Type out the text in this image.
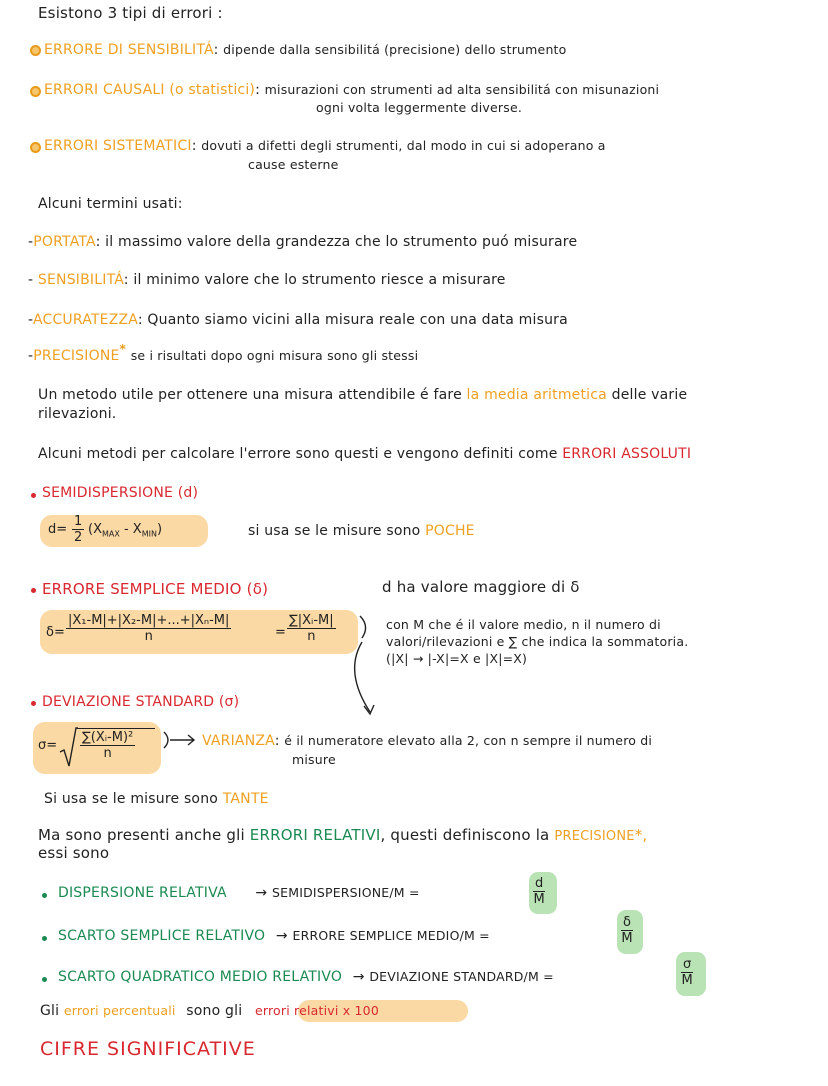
Esistono 3 tipi di errori :
ERRORE DI SENSIBILITÁ: dipende dalla sensibilitá (precisione) dello strumento
ERRORI CAUSALI (o statistici): misurazioni con strumenti ad alta sensibilitá con misunazioni
ogni volta leggermente diverse.
ERRORI SISTEMATICI: dovuti a difetti degli strumenti, dal modo in cui si adoperano a
cause esterne
Alcuni termini usati:
-PORTATA: il massimo valore della grandezza che lo strumento puó misurare
- SENSIBILITÁ: il minimo valore che lo strumento riesce a misurare
-ACCURATEZZA: Quanto siamo vicini alla misura reale con una data misura
-PRECISIONE* se i risultati dopo ogni misura sono gli stessi
Un metodo utile per ottenere una misura attendibile é fare la media aritmetica delle varie
rilevazioni.
Alcuni metodi per calcolare l'errore sono questi e vengono definiti come ERRORI ASSOLUTI
SEMIDISPERSIONE (d)
$d= \frac{1}{2} (X_{MAX} - X_{MIN})$	si usa se le misure sono POCHE
ERRORE SEMPLICE MEDIO (δ)	d ha valore maggiore di δ
$\delta= \frac{\text{|X₁-M|+|X₂-M|+...+|Xₙ-M|}}{n}$	= $\frac{\text{∑|Xᵢ-M|}}{n}$	con M che é il valore medio, n il numero di
valori/rilevazioni e ∑ che indica la sommatoria.
(|X| → |-X|=X e |X|=X)
DEVIAZIONE STANDARD (σ)
$\sigma= \frac{\text{∑(Xᵢ-M)²}}{n}$	VARIANZA: é il numeratore elevato alla 2, con n sempre il numero di
misure
Si usa se le misure sono TANTE
Ma sono presenti anche gli ERRORI RELATIVI, questi definiscono la PRECISIONE*,
essi sono
DISPERSIONE RELATIVA → SEMIDISPERSIONE/M =	$\frac{d}{M}$
SCARTO SEMPLICE RELATIVO → ERRORE SEMPLICE MEDIO/M =	$\frac{\delta}{M}$
SCARTO QUADRATICO MEDIO RELATIVO → DEVIAZIONE STANDARD/M =	$\frac{\sigma}{M}$
Gli errori percentuali sono gli errori relativi x 100
CIFRE SIGNIFICATIVE
